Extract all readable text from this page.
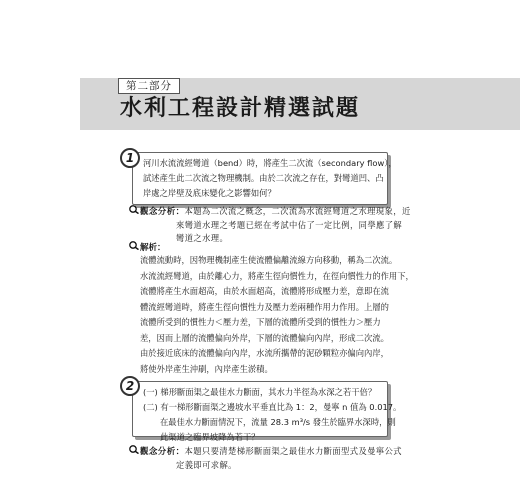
第二部分
水利工程設計精選試題
河川水流流經彎道（bend）時，將產生二次流（secondary flow），
試述產生此二次流之物理機制。由於二次流之存在，對彎道凹、凸
岸處之岸壁及底床變化之影響如何？
1
觀念分析：本題為二次流之概念，二次流為水流經彎道之水理現象，近
來彎道水理之考題已經在考試中佔了一定比例，同學應了解
彎道之水理。
解析：
流體流動時，因物理機制產生使流體偏離流線方向移動，稱為二次流。
水流流經彎道，由於離心力，將產生徑向慣性力，在徑向慣性力的作用下，
流體將產生水面超高，由於水面超高，流體將形成壓力差，意即在流
體流經彎道時，將產生徑向慣性力及壓力差兩種作用力作用。上層的
流體所受到的慣性力＜壓力差，下層的流體所受到的慣性力＞壓力
差，因而上層的流體偏向外岸，下層的流體偏向內岸，形成二次流。
由於接近底床的流體偏向內岸，水流所攜帶的泥砂顆粒亦偏向內岸，
將使外岸產生沖刷，內岸產生淤積。
(一) 梯形斷面渠之最佳水力斷面，其水力半徑為水深之若干倍？
(二) 有一梯形斷面渠之邊坡水平垂直比為 1：2，曼寧 n 值為 0.017。
在最佳水力斷面情況下，流量 28.3 m³/s 發生於臨界水深時，則
此渠道之臨界坡降為若干？
2
觀念分析：本題只要清楚梯形斷面渠之最佳水力斷面型式及曼寧公式
定義即可求解。
